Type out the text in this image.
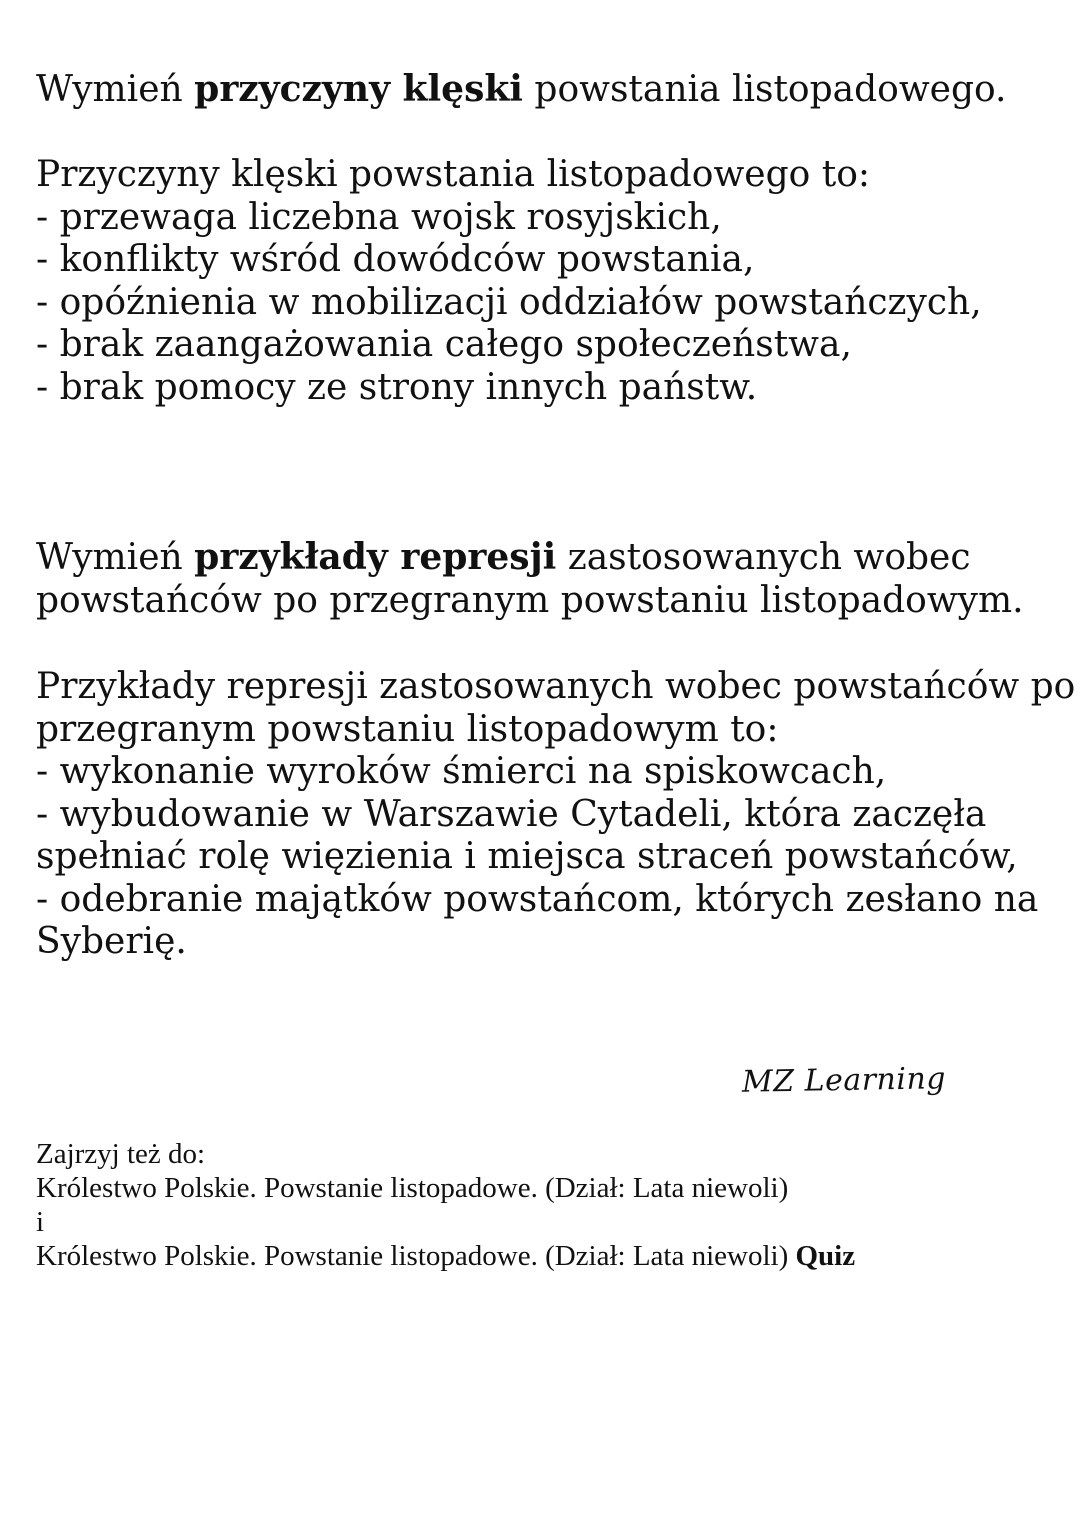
Wymień przyczyny klęski powstania listopadowego.

Przyczyny klęski powstania listopadowego to:
- przewaga liczebna wojsk rosyjskich,
- konflikty wśród dowódców powstania,
- opóźnienia w mobilizacji oddziałów powstańczych,
- brak zaangażowania całego społeczeństwa,
- brak pomocy ze strony innych państw.
Wymień przykłady represji zastosowanych wobec
powstańców po przegranym powstaniu listopadowym.
Przykłady represji zastosowanych wobec powstańców po
przegranym powstaniu listopadowym to:
- wykonanie wyroków śmierci na spiskowcach,
- wybudowanie w Warszawie Cytadeli, która zaczęła
spełniać rolę więzienia i miejsca straceń powstańców,
- odebranie majątków powstańcom, których zesłano na
Syberię.
MZ Learning
Zajrzyj też do:
Królestwo Polskie. Powstanie listopadowe. (Dział: Lata niewoli)
i
Królestwo Polskie. Powstanie listopadowe. (Dział: Lata niewoli) Quiz
